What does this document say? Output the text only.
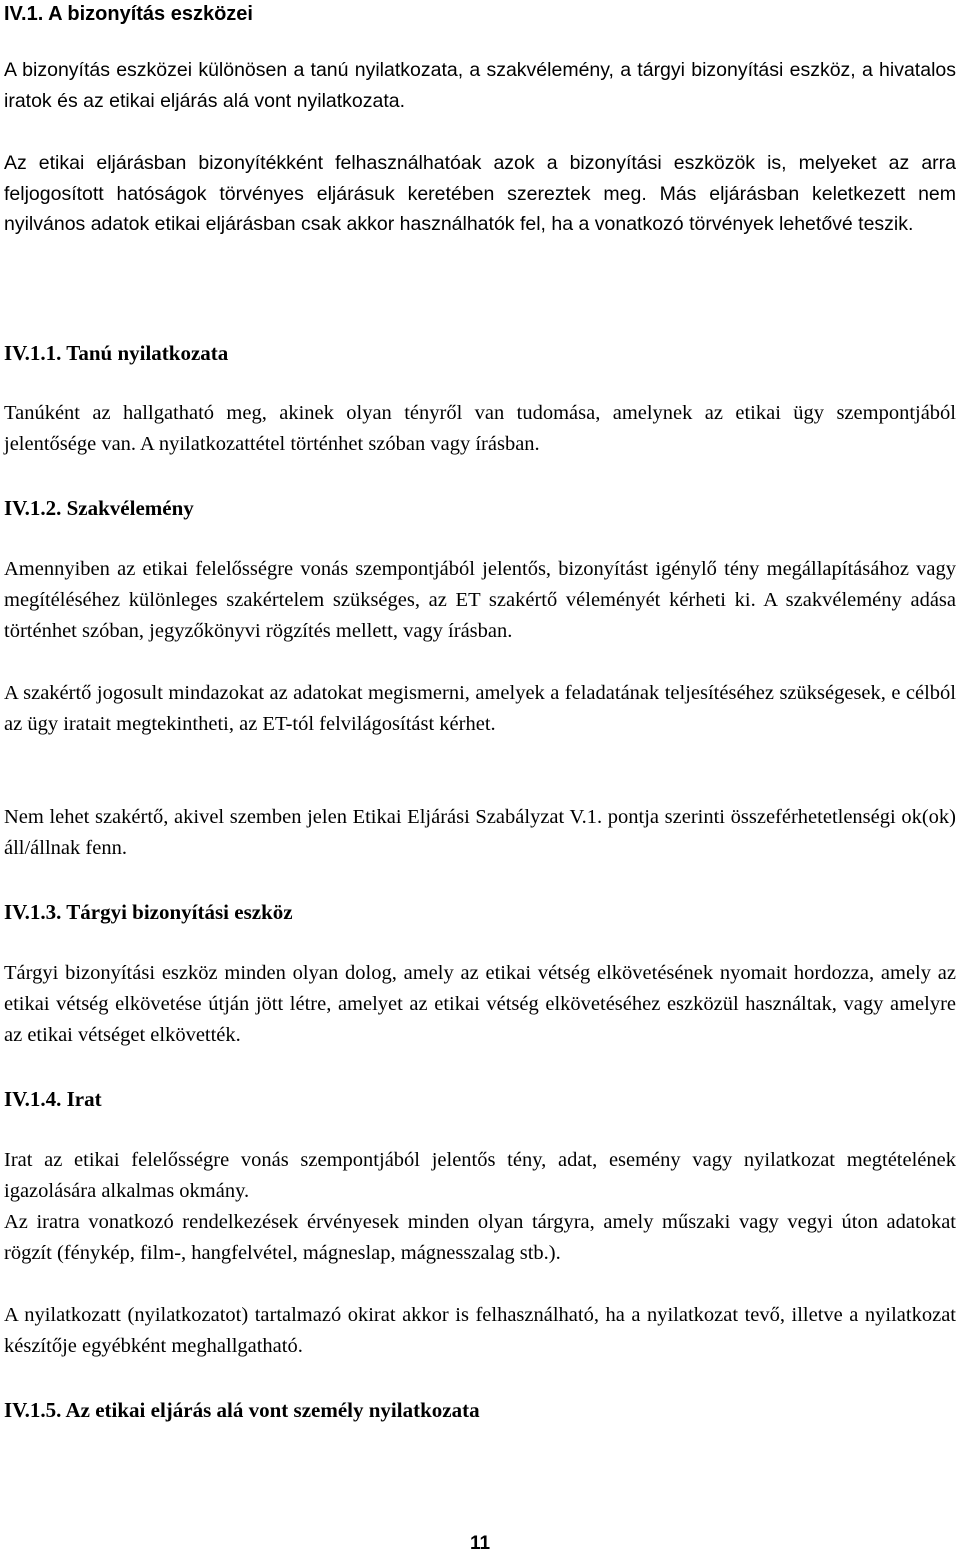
IV.1. A bizonyítás eszközei
A bizonyítás eszközei különösen a tanú nyilatkozata, a szakvélemény, a tárgyi bizonyítási eszköz, a hivatalos iratok és az etikai eljárás alá vont nyilatkozata.
Az etikai eljárásban bizonyítékként felhasználhatóak azok a bizonyítási eszközök is, melyeket az arra feljogosított hatóságok törvényes eljárásuk keretében szereztek meg. Más eljárásban keletkezett nem nyilvános adatok etikai eljárásban csak akkor használhatók fel, ha a vonatkozó törvények lehetővé teszik.
IV.1.1. Tanú nyilatkozata
Tanúként az hallgatható meg, akinek olyan tényről van tudomása, amelynek az etikai ügy szempontjából jelentősége van. A nyilatkozattétel történhet szóban vagy írásban.
IV.1.2. Szakvélemény
Amennyiben az etikai felelősségre vonás szempontjából jelentős, bizonyítást igénylő tény megállapításához vagy megítéléséhez különleges szakértelem szükséges, az ET szakértő véleményét kérheti ki. A szakvélemény adása történhet szóban, jegyzőkönyvi rögzítés mellett, vagy írásban.
A szakértő jogosult mindazokat az adatokat megismerni, amelyek a feladatának teljesítéséhez szükségesek, e célból az ügy iratait megtekintheti, az ET-tól felvilágosítást kérhet.
Nem lehet szakértő, akivel szemben jelen Etikai Eljárási Szabályzat V.1. pontja szerinti összeférhetetlenségi ok(ok) áll/állnak fenn.
IV.1.3. Tárgyi bizonyítási eszköz
Tárgyi bizonyítási eszköz minden olyan dolog, amely az etikai vétség elkövetésének nyomait hordozza, amely az etikai vétség elkövetése útján jött létre, amelyet az etikai vétség elkövetéséhez eszközül használtak, vagy amelyre az etikai vétséget elkövették.
IV.1.4. Irat
Irat az etikai felelősségre vonás szempontjából jelentős tény, adat, esemény vagy nyilatkozat megtételének igazolására alkalmas okmány.
Az iratra vonatkozó rendelkezések érvényesek minden olyan tárgyra, amely műszaki vagy vegyi úton adatokat rögzít (fénykép, film-, hangfelvétel, mágneslap, mágnesszalag stb.).
A nyilatkozatt (nyilatkozatot) tartalmazó okirat akkor is felhasználható, ha a nyilatkozat tevő, illetve a nyilatkozat készítője egyébként meghallgatható.
IV.1.5. Az etikai eljárás alá vont személy nyilatkozata
11
